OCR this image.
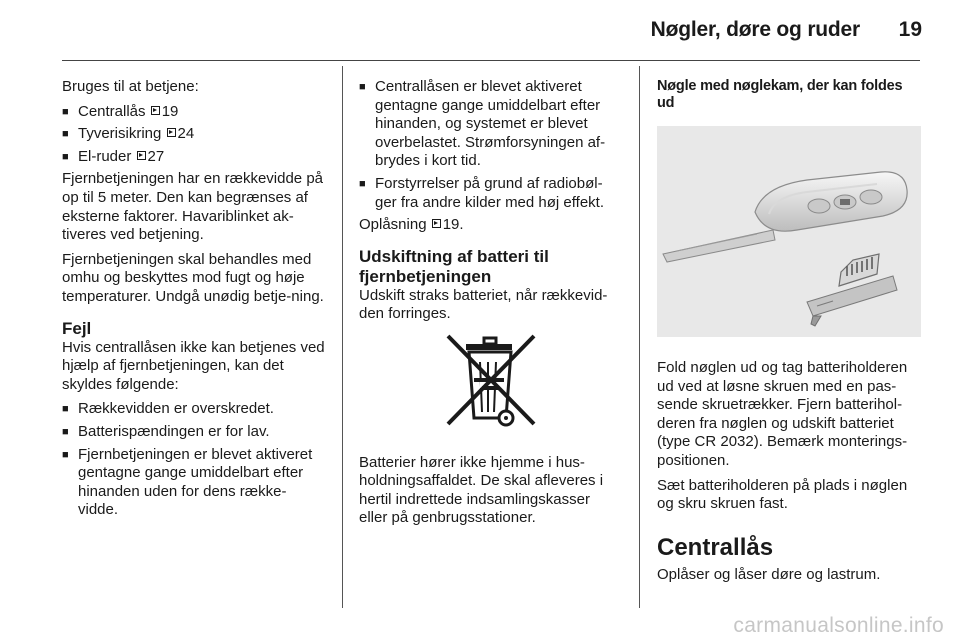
Nøgler, døre og ruder 19

Bruges til at betjene:

■ Centrallås 19
■ Tyverisikring 24
■ El-ruder 27

Fjernbetjeningen har en rækkevidde på op til 5 meter. Den kan begrænses af eksterne faktorer. Havariblinket ak-tiveres ved betjening.

Fjernbetjeningen skal behandles med omhu og beskyttes mod fugt og høje temperaturer. Undgå unødig betje-ning.

Fejl

Hvis centrallåsen ikke kan betjenes ved hjælp af fjernbetjeningen, kan det skyldes følgende:

■ Rækkevidden er overskredet.
■ Batterispændingen er for lav.
■ Fjernbetjeningen er blevet aktiveret gentagne gange umiddelbart efter hinanden uden for dens række-vidde.
■ Centrallåsen er blevet aktiveret gentagne gange umiddelbart efter hinanden, og systemet er blevet overbelastet. Strømforsyningen af-brydes i kort tid.
■ Forstyrrelser på grund af radiobøl-ger fra andre kilder med høj effekt.

Oplåsning 19.

Udskiftning af batteri til fjernbetjeningen

Udskift straks batteriet, når rækkevid-den forringes.

Batterier hører ikke hjemme i hus-holdningsaffaldet. De skal afleveres i hertil indrettede indsamlingskasser eller på genbrugsstationer.

Nøgle med nøglekam, der kan foldes ud

Fold nøglen ud og tag batteriholderen ud ved at løsne skruen med en pas-sende skruetrækker. Fjern batterihol-deren fra nøglen og udskift batteriet (type CR 2032). Bemærk monterings-positionen.

Sæt batteriholderen på plads i nøglen og skru skruen fast.

Centrallås

Oplåser og låser døre og lastrum.

carmanualsonline.info
